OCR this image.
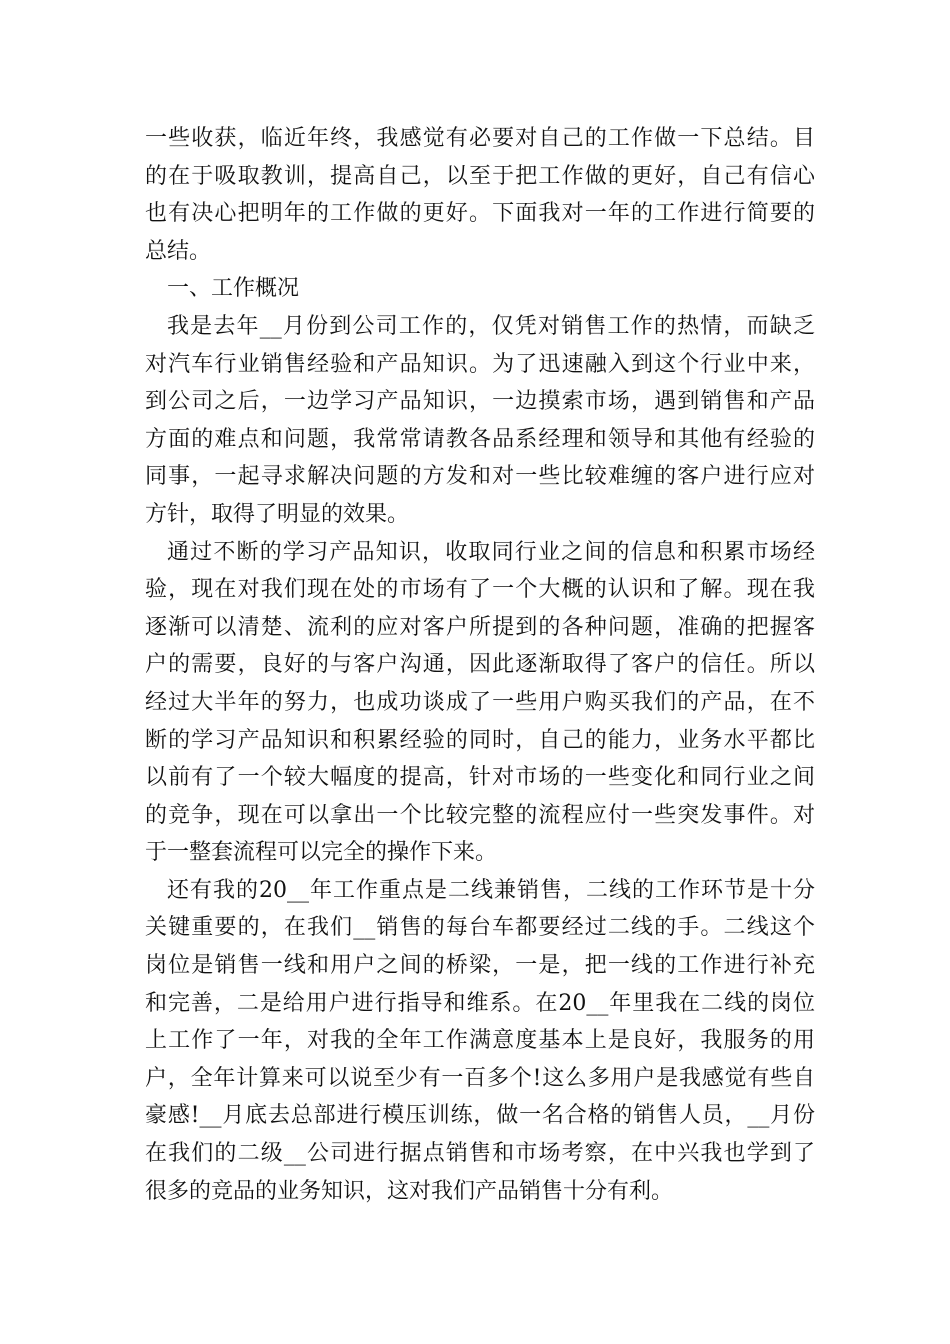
一些收获，临近年终，我感觉有必要对自己的工作做一下总结。目
的在于吸取教训，提高自己，以至于把工作做的更好，自己有信心
也有决心把明年的工作做的更好。下面我对一年的工作进行简要的
总结。
一、工作概况
我是去年__月份到公司工作的，仅凭对销售工作的热情，而缺乏
对汽车行业销售经验和产品知识。为了迅速融入到这个行业中来，
到公司之后，一边学习产品知识，一边摸索市场，遇到销售和产品
方面的难点和问题，我常常请教各品系经理和领导和其他有经验的
同事，一起寻求解决问题的方发和对一些比较难缠的客户进行应对
方针，取得了明显的效果。
通过不断的学习产品知识，收取同行业之间的信息和积累市场经
验，现在对我们现在处的市场有了一个大概的认识和了解。现在我
逐渐可以清楚、流利的应对客户所提到的各种问题，准确的把握客
户的需要，良好的与客户沟通，因此逐渐取得了客户的信任。所以
经过大半年的努力，也成功谈成了一些用户购买我们的产品，在不
断的学习产品知识和积累经验的同时，自己的能力，业务水平都比
以前有了一个较大幅度的提高，针对市场的一些变化和同行业之间
的竞争，现在可以拿出一个比较完整的流程应付一些突发事件。对
于一整套流程可以完全的操作下来。
还有我的20__年工作重点是二线兼销售，二线的工作环节是十分
关键重要的，在我们__销售的每台车都要经过二线的手。二线这个
岗位是销售一线和用户之间的桥梁，一是，把一线的工作进行补充
和完善，二是给用户进行指导和维系。在20__年里我在二线的岗位
上工作了一年，对我的全年工作满意度基本上是良好，我服务的用
户，全年计算来可以说至少有一百多个!这么多用户是我感觉有些自
豪感!__月底去总部进行模压训练，做一名合格的销售人员，__月份
在我们的二级__公司进行据点销售和市场考察，在中兴我也学到了
很多的竞品的业务知识，这对我们产品销售十分有利。
